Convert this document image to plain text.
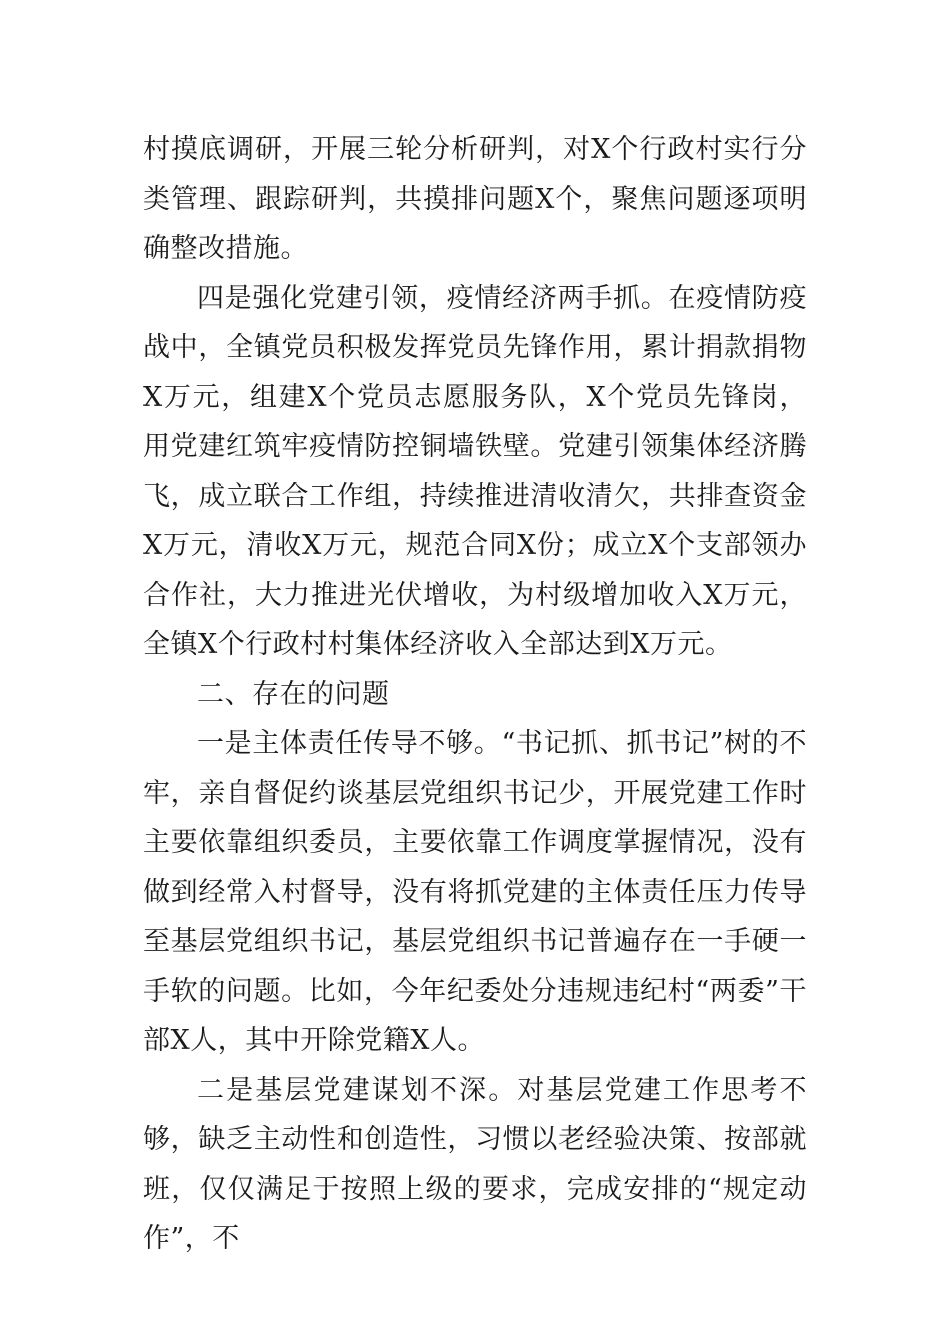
村摸底调研，开展三轮分析研判，对X个行政村实行分类管理、跟踪研判，共摸排问题X个，聚焦问题逐项明确整改措施。

四是强化党建引领，疫情经济两手抓。在疫情防疫战中，全镇党员积极发挥党员先锋作用，累计捐款捐物X万元，组建X个党员志愿服务队，X个党员先锋岗，用党建红筑牢疫情防控铜墙铁壁。党建引领集体经济腾飞，成立联合工作组，持续推进清收清欠，共排查资金X万元，清收X万元，规范合同X份；成立X个支部领办合作社，大力推进光伏增收，为村级增加收入X万元，全镇X个行政村村集体经济收入全部达到X万元。

二、存在的问题

一是主体责任传导不够。“书记抓、抓书记”树的不牢，亲自督促约谈基层党组织书记少，开展党建工作时主要依靠组织委员，主要依靠工作调度掌握情况，没有做到经常入村督导，没有将抓党建的主体责任压力传导至基层党组织书记，基层党组织书记普遍存在一手硬一手软的问题。比如，今年纪委处分违规违纪村“两委”干部X人，其中开除党籍X人。

二是基层党建谋划不深。对基层党建工作思考不够，缺乏主动性和创造性，习惯以老经验决策、按部就班，仅仅满足于按照上级的要求，完成安排的“规定动作”，不
